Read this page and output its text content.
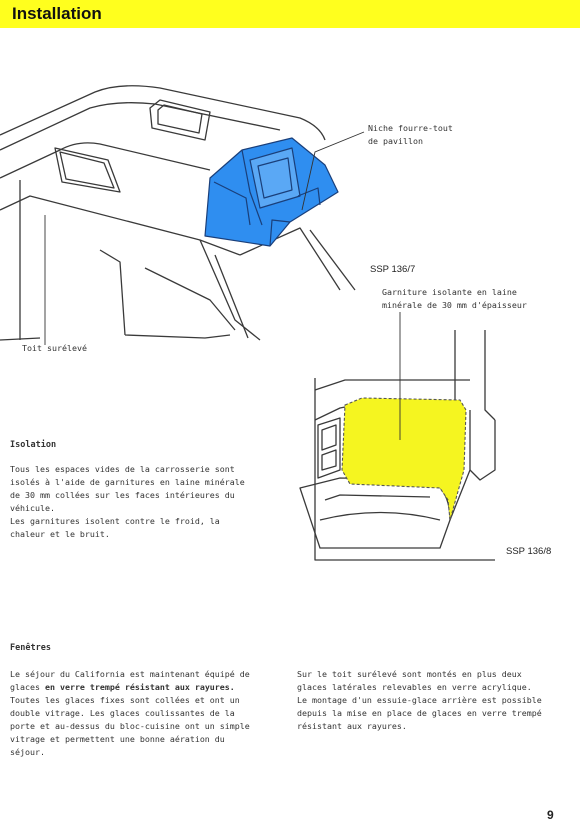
Installation
Niche fourre-tout
de pavillon
Toit surélevé
SSP 136/7
Garniture isolante en laine
minérale de 30 mm d'épaisseur
SSP 136/8
Isolation
Tous les espaces vides de la carrosserie sont
isolés à l'aide de garnitures en laine minérale
de 30 mm collées sur les faces intérieures du
véhicule.
Les garnitures isolent contre le froid, la
chaleur et le bruit.
Fenêtres
Le séjour du California est maintenant équipé de
glaces en verre trempé résistant aux rayures.
Toutes les glaces fixes sont collées et ont un
double vitrage. Les glaces coulissantes de la
porte et au-dessus du bloc-cuisine ont un simple
vitrage et permettent une bonne aération du
séjour.
Sur le toit surélevé sont montés en plus deux
glaces latérales relevables en verre acrylique.
Le montage d'un essuie-glace arrière est possible
depuis la mise en place de glaces en verre trempé
résistant aux rayures.
9
